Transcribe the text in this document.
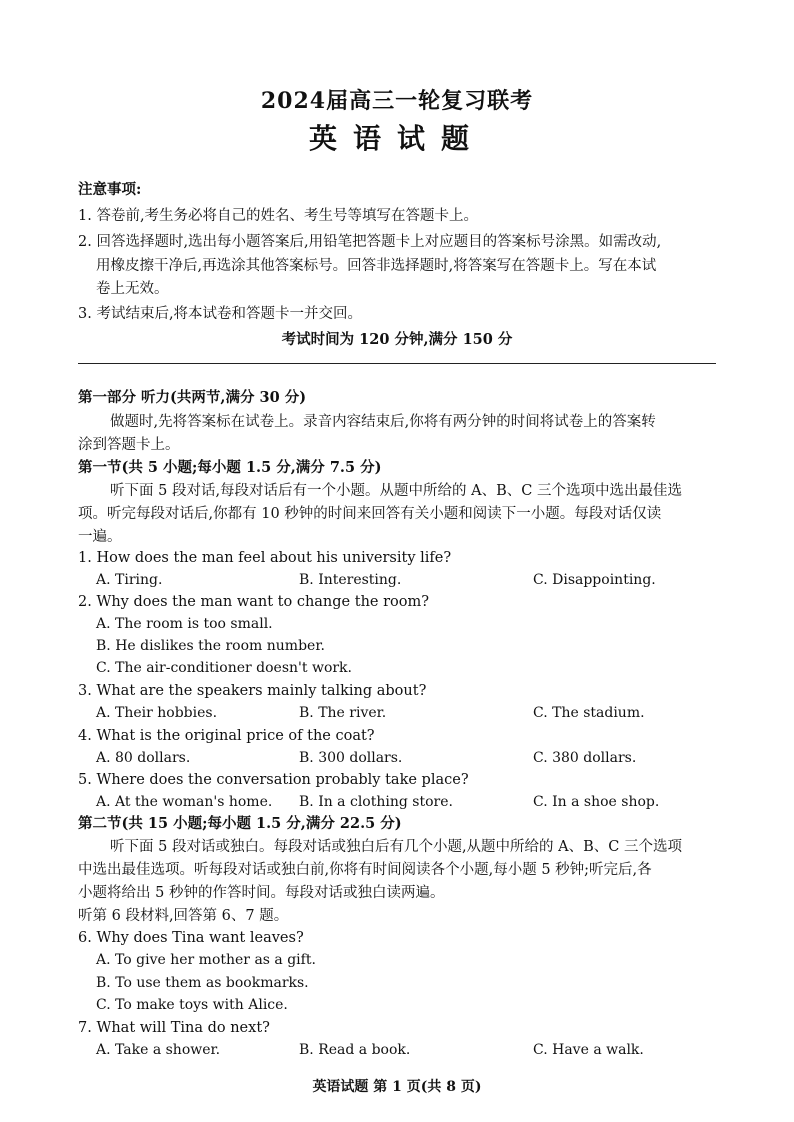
2024届高三一轮复习联考
英语试题
注意事项:
1. 答卷前,考生务必将自己的姓名、考生号等填写在答题卡上。
2. 回答选择题时,选出每小题答案后,用铅笔把答题卡上对应题目的答案标号涂黑。如需改动,
用橡皮擦干净后,再选涂其他答案标号。回答非选择题时,将答案写在答题卡上。写在本试
卷上无效。
3. 考试结束后,将本试卷和答题卡一并交回。
考试时间为 120 分钟,满分 150 分
第一部分 听力(共两节,满分 30 分)
做题时,先将答案标在试卷上。录音内容结束后,你将有两分钟的时间将试卷上的答案转
涂到答题卡上。
第一节(共 5 小题;每小题 1.5 分,满分 7.5 分)
听下面 5 段对话,每段对话后有一个小题。从题中所给的 A、B、C 三个选项中选出最佳选
项。听完每段对话后,你都有 10 秒钟的时间来回答有关小题和阅读下一小题。每段对话仅读
一遍。
1. How does the man feel about his university life?
A. Tiring.	B. Interesting.	C. Disappointing.
2. Why does the man want to change the room?
A. The room is too small.
B. He dislikes the room number.
C. The air-conditioner doesn't work.
3. What are the speakers mainly talking about?
A. Their hobbies.	B. The river.	C. The stadium.
4. What is the original price of the coat?
A. 80 dollars.	B. 300 dollars.	C. 380 dollars.
5. Where does the conversation probably take place?
A. At the woman's home. B. In a clothing store.	C. In a shoe shop.
第二节(共 15 小题;每小题 1.5 分,满分 22.5 分)
听下面 5 段对话或独白。每段对话或独白后有几个小题,从题中所给的 A、B、C 三个选项
中选出最佳选项。听每段对话或独白前,你将有时间阅读各个小题,每小题 5 秒钟;听完后,各
小题将给出 5 秒钟的作答时间。每段对话或独白读两遍。
听第 6 段材料,回答第 6、7 题。
6. Why does Tina want leaves?
A. To give her mother as a gift.
B. To use them as bookmarks.
C. To make toys with Alice.
7. What will Tina do next?
A. Take a shower.	B. Read a book.	C. Have a walk.
英语试题 第 1 页(共 8 页)
